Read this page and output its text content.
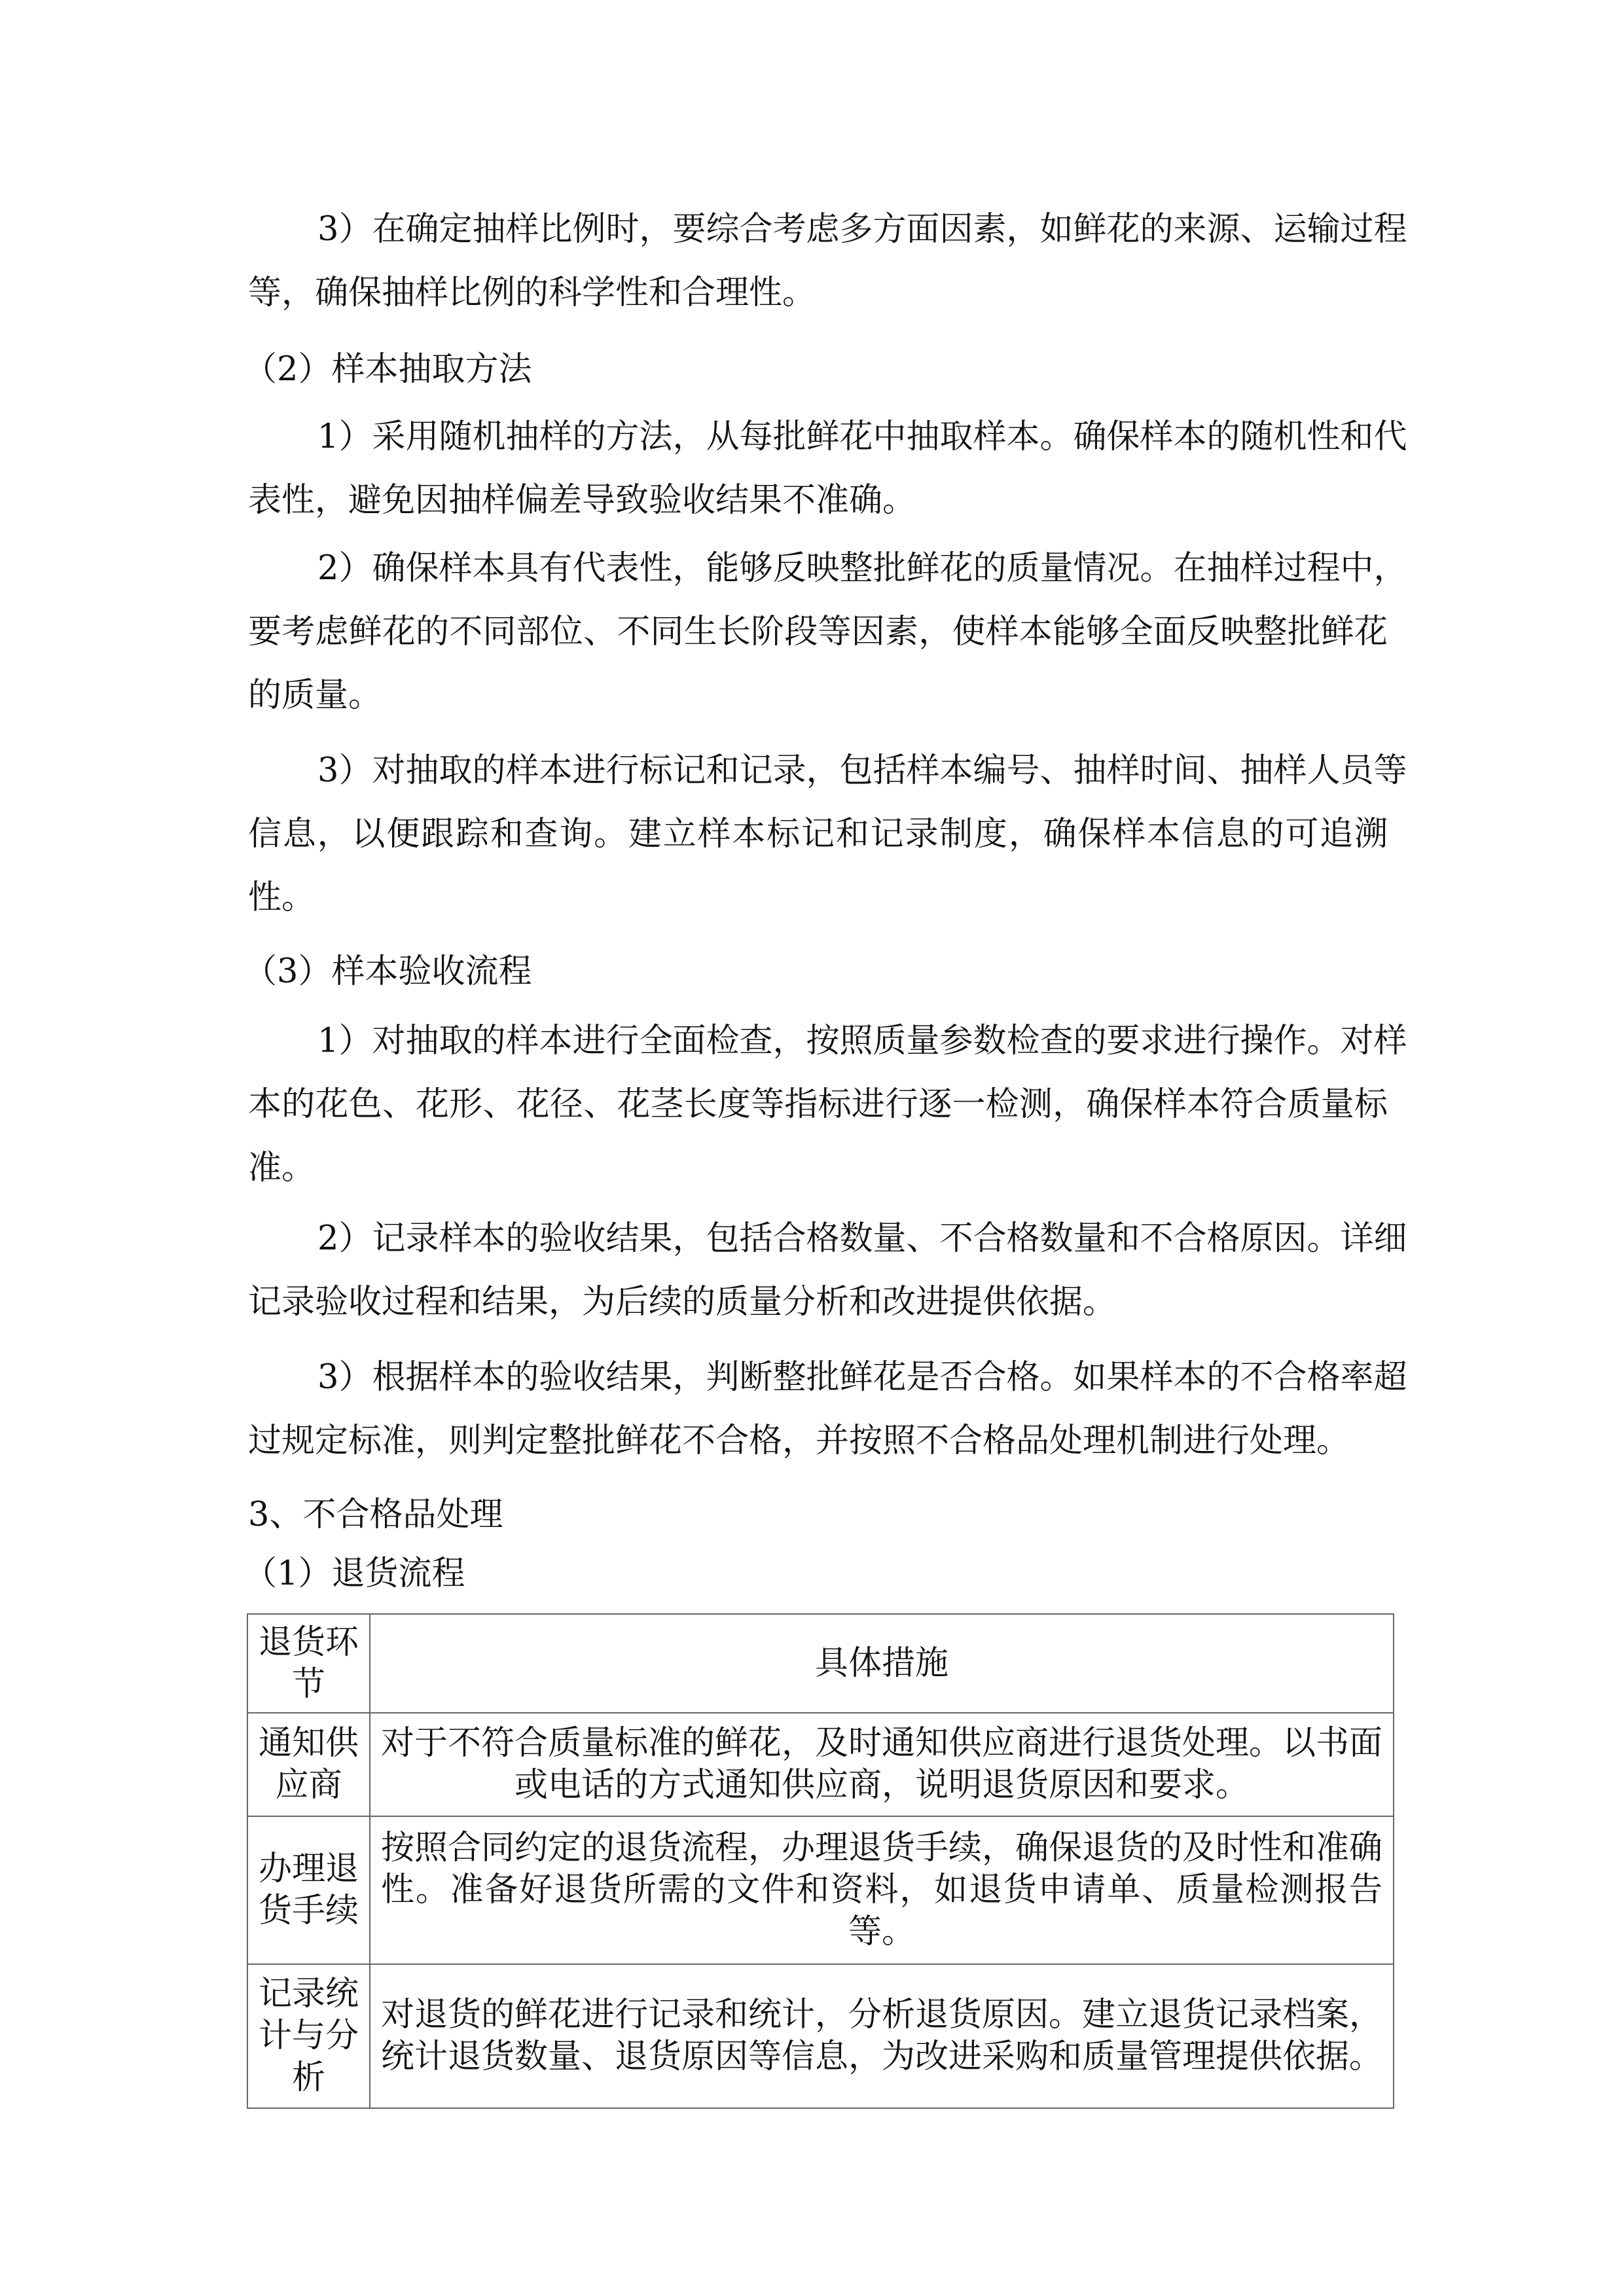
3）在确定抽样比例时，要综合考虑多方面因素，如鲜花的来源、运输过程
等，确保抽样比例的科学性和合理性。
（2）样本抽取方法
1）采用随机抽样的方法，从每批鲜花中抽取样本。确保样本的随机性和代
表性，避免因抽样偏差导致验收结果不准确。
2）确保样本具有代表性，能够反映整批鲜花的质量情况。在抽样过程中，
要考虑鲜花的不同部位、不同生长阶段等因素，使样本能够全面反映整批鲜花
的质量。
3）对抽取的样本进行标记和记录，包括样本编号、抽样时间、抽样人员等
信息，以便跟踪和查询。建立样本标记和记录制度，确保样本信息的可追溯
性。
（3）样本验收流程
1）对抽取的样本进行全面检查，按照质量参数检查的要求进行操作。对样
本的花色、花形、花径、花茎长度等指标进行逐一检测，确保样本符合质量标
准。
2）记录样本的验收结果，包括合格数量、不合格数量和不合格原因。详细
记录验收过程和结果，为后续的质量分析和改进提供依据。
3）根据样本的验收结果，判断整批鲜花是否合格。如果样本的不合格率超
过规定标准，则判定整批鲜花不合格，并按照不合格品处理机制进行处理。
3、不合格品处理
（1）退货流程
退货环
节	具体措施

通知供
应商	对于不符合质量标准的鲜花，及时通知供应商进行退货处理。以书面
或电话的方式通知供应商，说明退货原因和要求。

办理退
货手续	按照合同约定的退货流程，办理退货手续，确保退货的及时性和准确
性。准备好退货所需的文件和资料，如退货申请单、质量检测报告
等。

记录统
计与分
析	对退货的鲜花进行记录和统计，分析退货原因。建立退货记录档案，
统计退货数量、退货原因等信息，为改进采购和质量管理提供依据。
